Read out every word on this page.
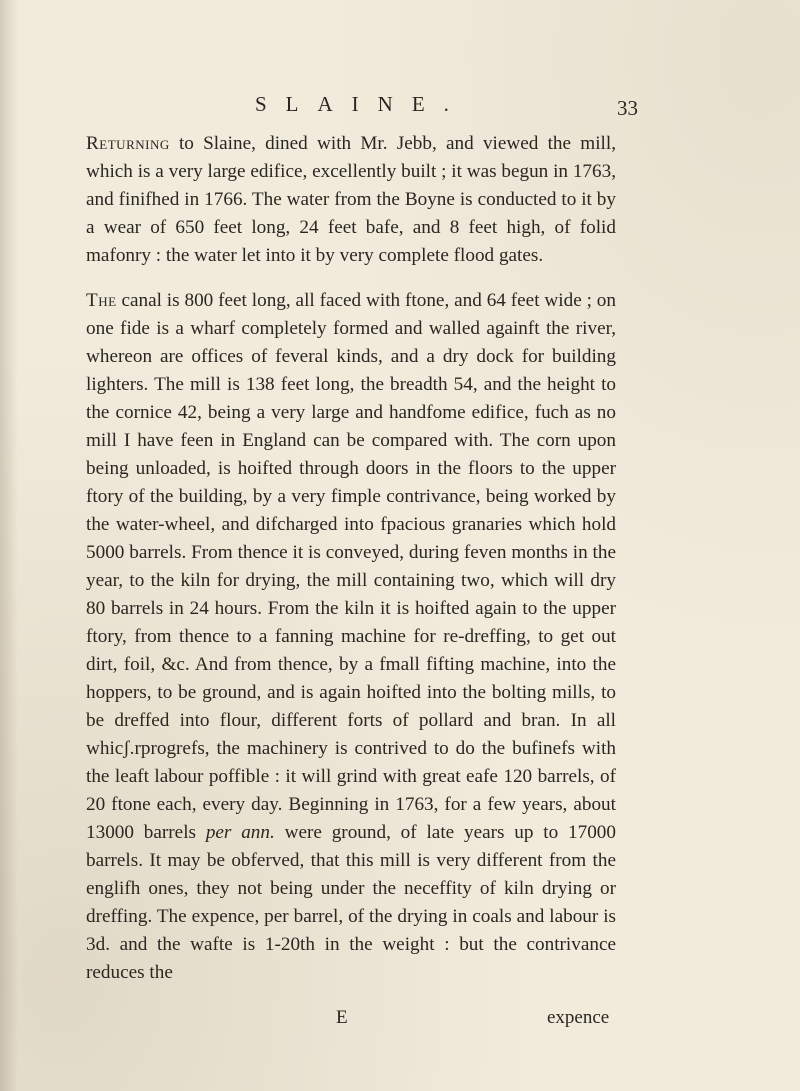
SLAINE.	33

Returning to Slaine, dined with Mr. Jebb, and viewed the mill, which is a very large edifice, excellently built ; it was begun in 1763, and finifhed in 1766. The water from the Boyne is conducted to it by a wear of 650 feet long, 24 feet bafe, and 8 feet high, of folid mafonry : the water let into it by very complete flood gates.

The canal is 800 feet long, all faced with ftone, and 64 feet wide ; on one fide is a wharf completely formed and walled againft the river, whereon are offices of feveral kinds, and a dry dock for building lighters. The mill is 138 feet long, the breadth 54, and the height to the cornice 42, being a very large and handfome edifice, fuch as no mill I have feen in England can be compared with. The corn upon being unloaded, is hoifted through doors in the floors to the upper ftory of the building, by a very fimple contrivance, being worked by the water-wheel, and difcharged into fpacious granaries which hold 5000 barrels. From thence it is conveyed, during feven months in the year, to the kiln for drying, the mill containing two, which will dry 80 barrels in 24 hours. From the kiln it is hoifted again to the upper ftory, from thence to a fanning machine for re-dreffing, to get out dirt, foil, &c. And from thence, by a fmall fifting machine, into the hoppers, to be ground, and is again hoifted into the bolting mills, to be dreffed into flour, different forts of pollard and bran. In all whicʃ.rprogrefs, the machinery is contrived to do the bufinefs with the leaft labour poffible : it will grind with great eafe 120 barrels, of 20 ftone each, every day. Beginning in 1763, for a few years, about 13000 barrels per ann. were ground, of late years up to 17000 barrels. It may be obferved, that this mill is very different from the englifh ones, they not being under the neceffity of kiln drying or dreffing. The expence, per barrel, of the drying in coals and labour is 3d. and the wafte is 1-20th in the weight : but the contrivance reduces the

E	expence
